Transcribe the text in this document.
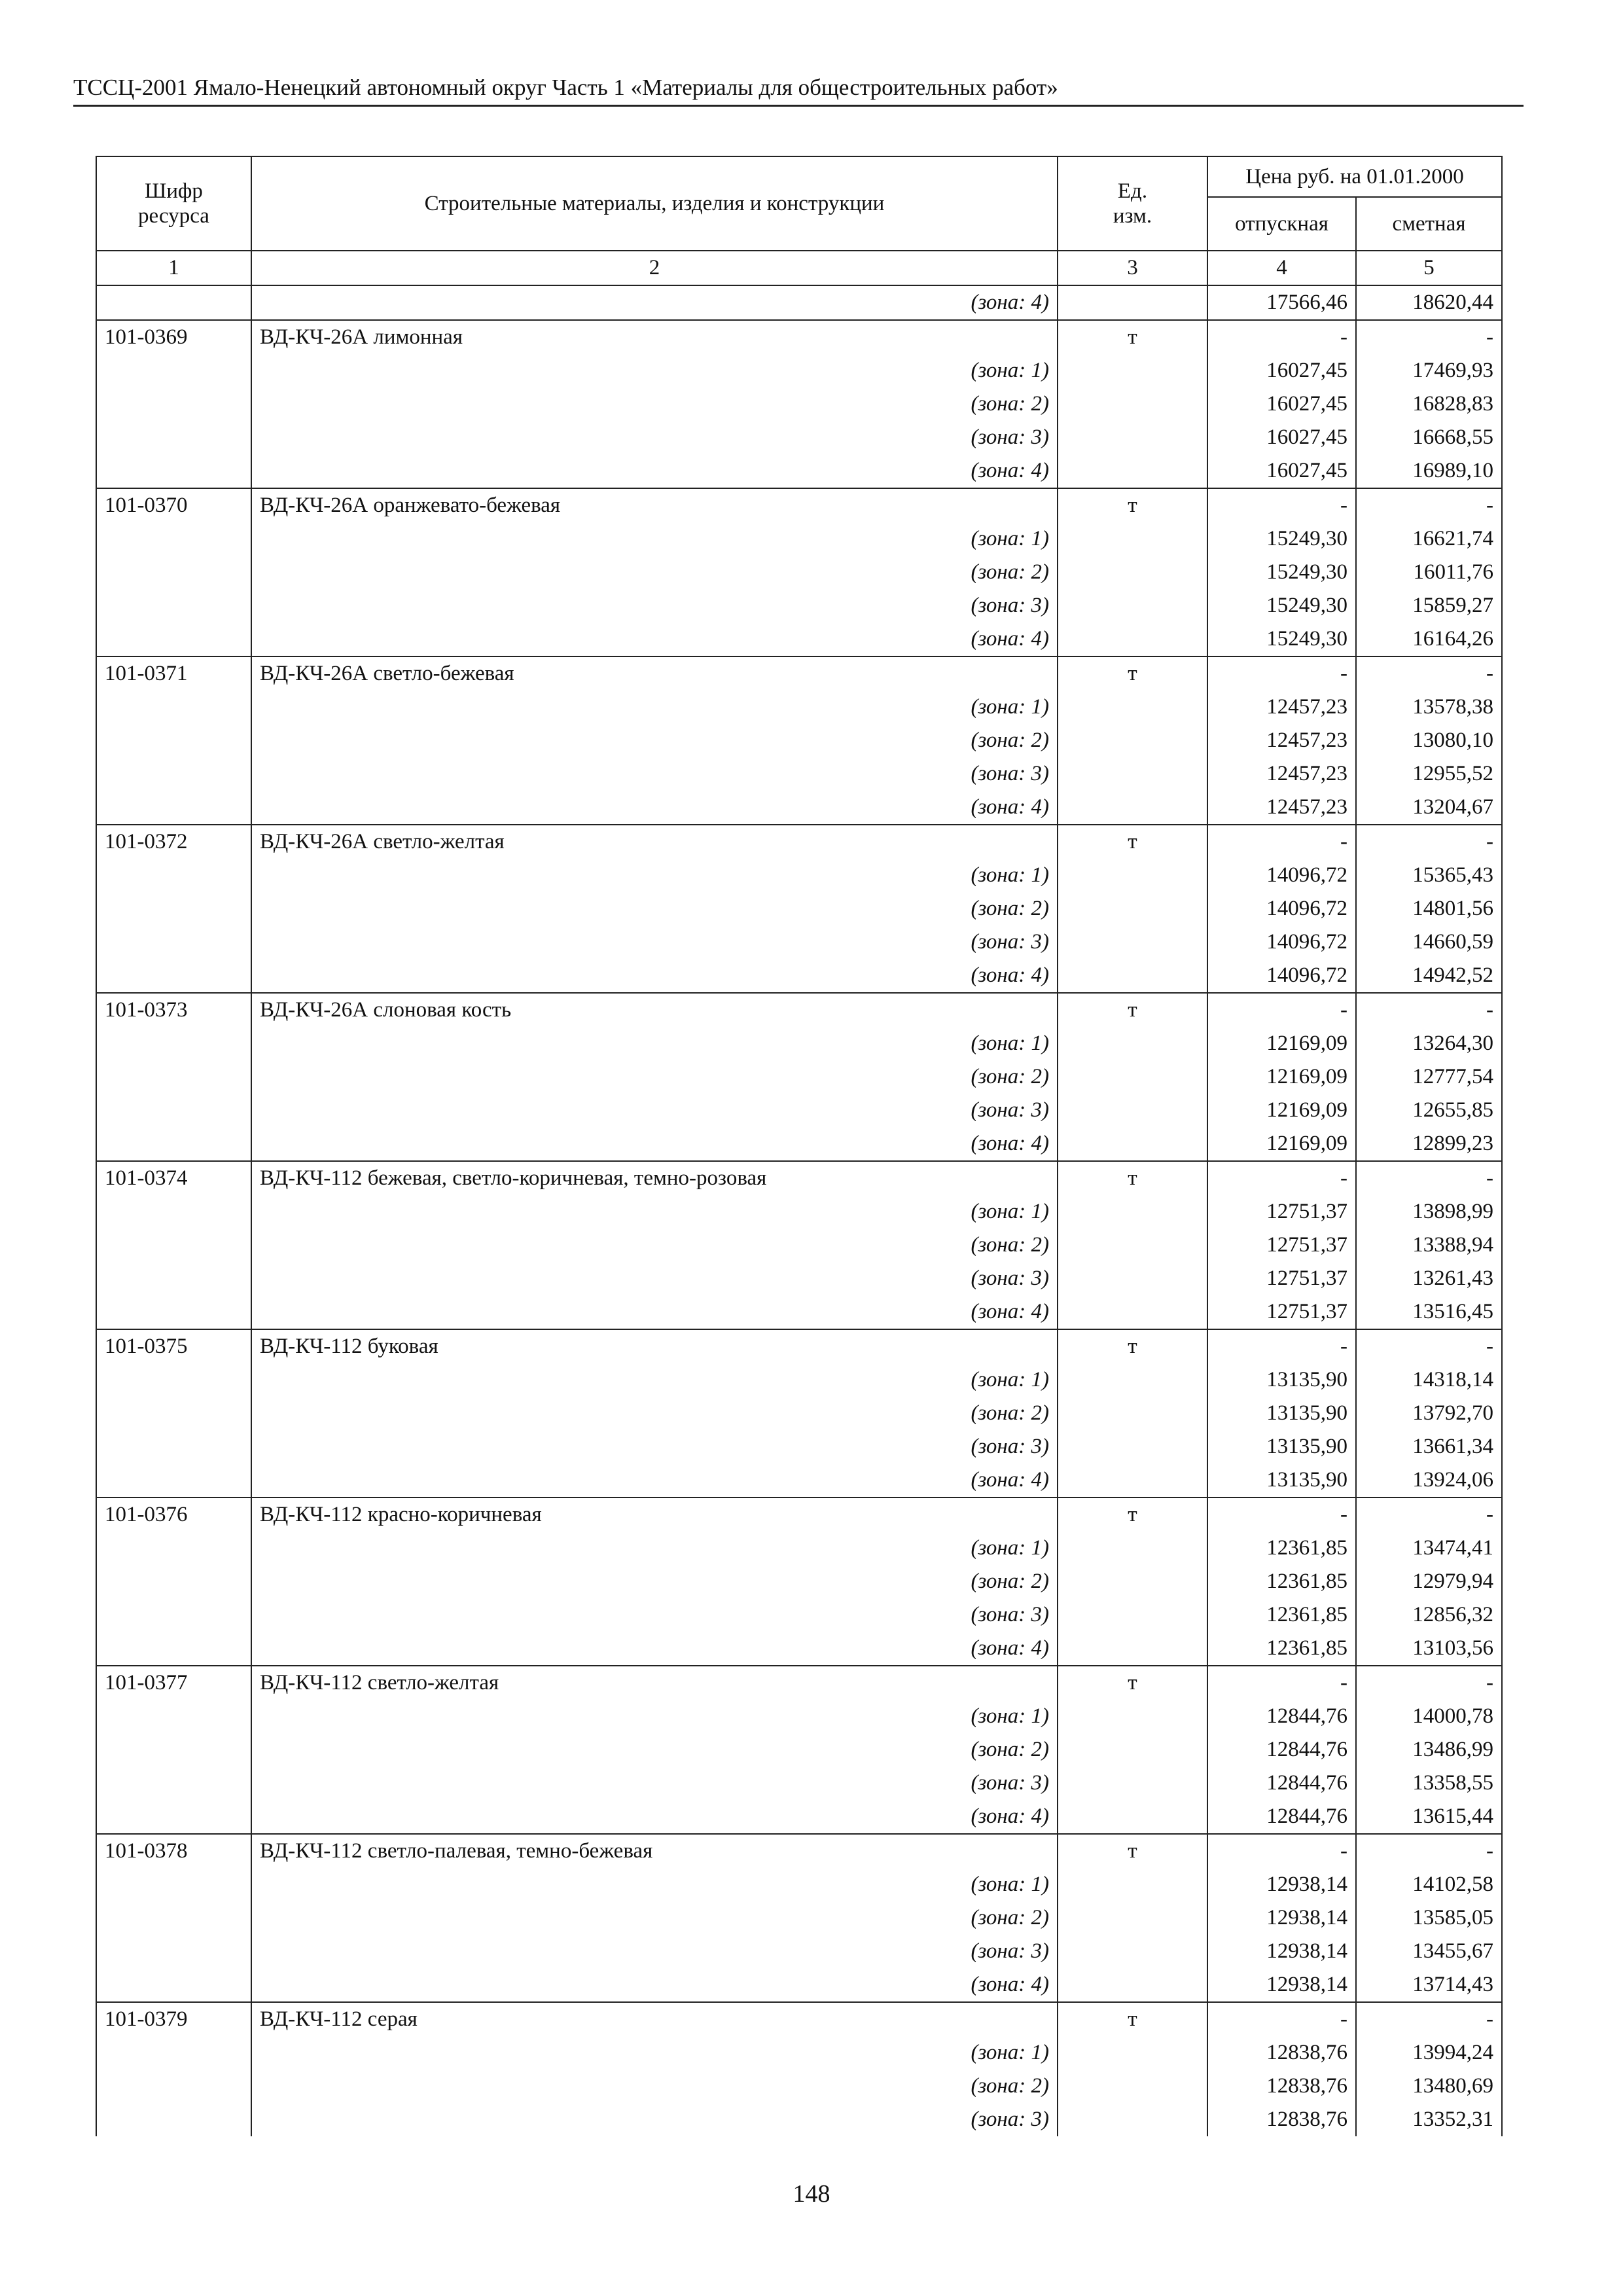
ТССЦ-2001 Ямало-Ненецкий автономный округ Часть 1 «Материалы для общестроительных работ»
Шифр ресурса	Строительные материалы, изделия и конструкции	Ед. изм.	Цена руб. на 01.01.2000	
			отпускная	сметная
1	2	3	4	5
	(зона: 4)		17566,46	18620,44
101-0369	ВД-КЧ-26А лимонная	т	-	-
	(зона: 1)		16027,45	17469,93
	(зона: 2)		16027,45	16828,83
	(зона: 3)		16027,45	16668,55
	(зона: 4)		16027,45	16989,10
101-0370	ВД-КЧ-26А оранжевато-бежевая	т	-	-
	(зона: 1)		15249,30	16621,74
	(зона: 2)		15249,30	16011,76
	(зона: 3)		15249,30	15859,27
	(зона: 4)		15249,30	16164,26
101-0371	ВД-КЧ-26А светло-бежевая	т	-	-
	(зона: 1)		12457,23	13578,38
	(зона: 2)		12457,23	13080,10
	(зона: 3)		12457,23	12955,52
	(зона: 4)		12457,23	13204,67
101-0372	ВД-КЧ-26А светло-желтая	т	-	-
	(зона: 1)		14096,72	15365,43
	(зона: 2)		14096,72	14801,56
	(зона: 3)		14096,72	14660,59
	(зона: 4)		14096,72	14942,52
101-0373	ВД-КЧ-26А слоновая кость	т	-	-
	(зона: 1)		12169,09	13264,30
	(зона: 2)		12169,09	12777,54
	(зона: 3)		12169,09	12655,85
	(зона: 4)		12169,09	12899,23
101-0374	ВД-КЧ-112 бежевая, светло-коричневая, темно-розовая	т	-	-
	(зона: 1)		12751,37	13898,99
	(зона: 2)		12751,37	13388,94
	(зона: 3)		12751,37	13261,43
	(зона: 4)		12751,37	13516,45
101-0375	ВД-КЧ-112 буковая	т	-	-
	(зона: 1)		13135,90	14318,14
	(зона: 2)		13135,90	13792,70
	(зона: 3)		13135,90	13661,34
	(зона: 4)		13135,90	13924,06
101-0376	ВД-КЧ-112 красно-коричневая	т	-	-
	(зона: 1)		12361,85	13474,41
	(зона: 2)		12361,85	12979,94
	(зона: 3)		12361,85	12856,32
	(зона: 4)		12361,85	13103,56
101-0377	ВД-КЧ-112 светло-желтая	т	-	-
	(зона: 1)		12844,76	14000,78
	(зона: 2)		12844,76	13486,99
	(зона: 3)		12844,76	13358,55
	(зона: 4)		12844,76	13615,44
101-0378	ВД-КЧ-112 светло-палевая, темно-бежевая	т	-	-
	(зона: 1)		12938,14	14102,58
	(зона: 2)		12938,14	13585,05
	(зона: 3)		12938,14	13455,67
	(зона: 4)		12938,14	13714,43
101-0379	ВД-КЧ-112 серая	т	-	-
	(зона: 1)		12838,76	13994,24
	(зона: 2)		12838,76	13480,69
	(зона: 3)		12838,76	13352,31
148
